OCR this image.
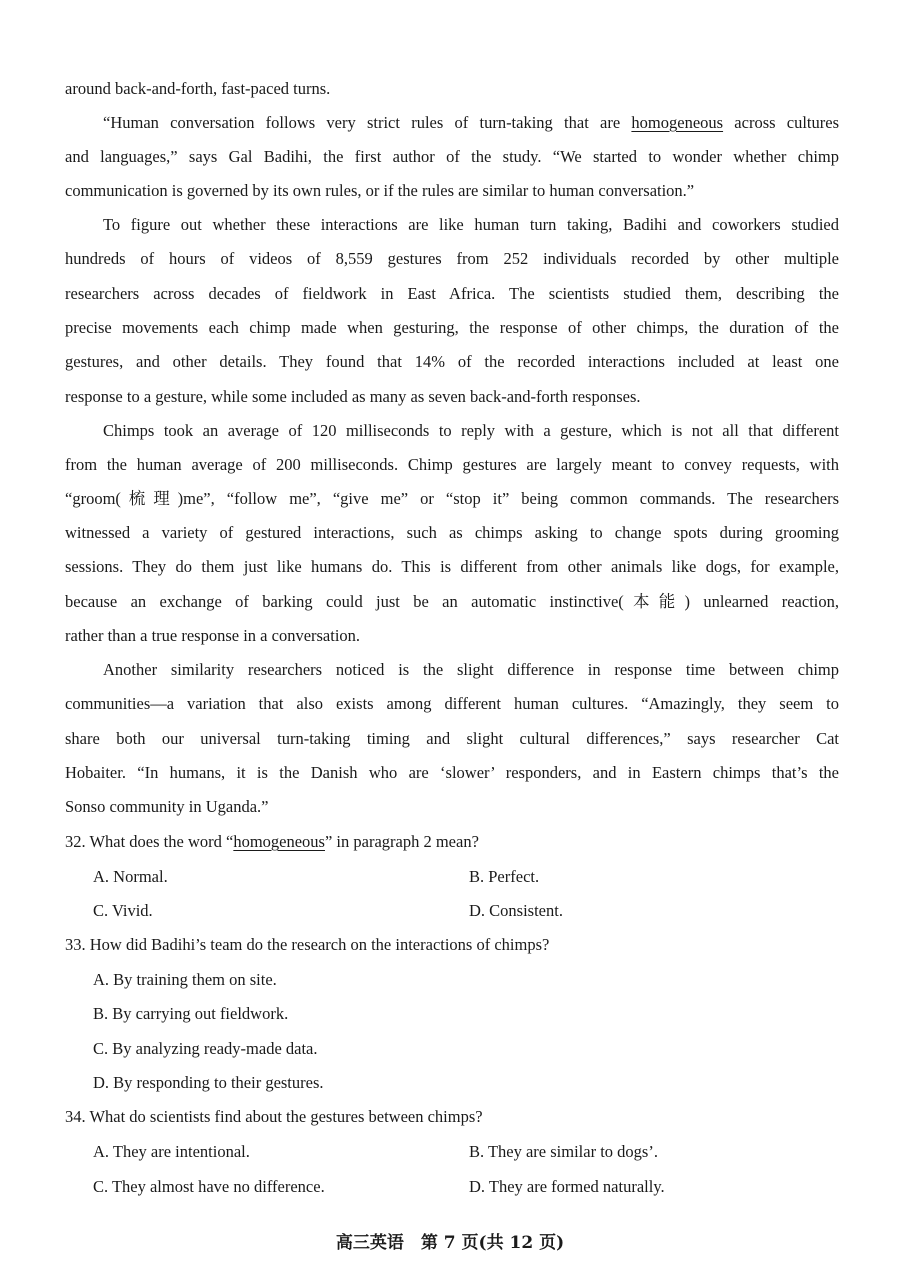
around back-and-forth, fast-paced turns.
“Human conversation follows very strict rules of turn-taking that are homogeneous across cultures
and languages,” says Gal Badihi, the first author of the study. “We started to wonder whether chimp
communication is governed by its own rules, or if the rules are similar to human conversation.”
To figure out whether these interactions are like human turn taking, Badihi and coworkers studied
hundreds of hours of videos of 8,559 gestures from 252 individuals recorded by other multiple
researchers across decades of fieldwork in East Africa. The scientists studied them, describing the
precise movements each chimp made when gesturing, the response of other chimps, the duration of the
gestures, and other details. They found that 14% of the recorded interactions included at least one
response to a gesture, while some included as many as seven back-and-forth responses.
Chimps took an average of 120 milliseconds to reply with a gesture, which is not all that different
from the human average of 200 milliseconds. Chimp gestures are largely meant to convey requests, with
“groom(梳理)me”, “follow me”, “give me” or “stop it” being common commands. The researchers
witnessed a variety of gestured interactions, such as chimps asking to change spots during grooming
sessions. They do them just like humans do. This is different from other animals like dogs, for example,
because an exchange of barking could just be an automatic instinctive(本能) unlearned reaction,
rather than a true response in a conversation.
Another similarity researchers noticed is the slight difference in response time between chimp
communities—a variation that also exists among different human cultures. “Amazingly, they seem to
share both our universal turn-taking timing and slight cultural differences,” says researcher Cat
Hobaiter. “In humans, it is the Danish who are ‘slower’ responders, and in Eastern chimps that’s the
Sonso community in Uganda.”
32. What does the word “homogeneous” in paragraph 2 mean?
A. Normal.	B. Perfect.
C. Vivid.	D. Consistent.
33. How did Badihi’s team do the research on the interactions of chimps?
A. By training them on site.
B. By carrying out fieldwork.
C. By analyzing ready-made data.
D. By responding to their gestures.
34. What do scientists find about the gestures between chimps?
A. They are intentional.	B. They are similar to dogs’.
C. They almost have no difference.	D. They are formed naturally.
高三英语　第 7 页(共 12 页)
